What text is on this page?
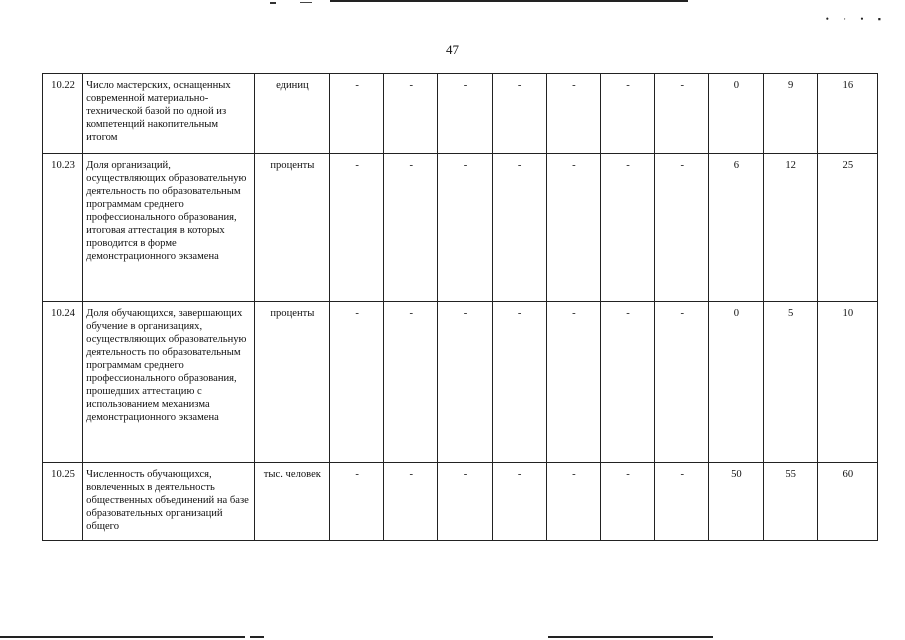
• · • ▪
47
10.22	Число мастерских, оснащенных современной материально-технической базой по одной из компетенций накопительным итогом	единиц	-	-	-	-	-	-	-	0	9	16
10.23	Доля организаций, осуществляющих образовательную деятельность по образовательным программам среднего профессионального образования, итоговая аттестация в которых проводится в форме демонстрационного экзамена	проценты	-	-	-	-	-	-	-	6	12	25
10.24	Доля обучающихся, завершающих обучение в организациях, осуществляющих образовательную деятельность по образовательным программам среднего профессионального образования, прошедших аттестацию с использованием механизма демонстрационного экзамена	проценты	-	-	-	-	-	-	-	0	5	10
10.25	Численность обучающихся, вовлеченных в деятельность общественных объединений на базе образовательных организаций общего	тыс. человек	-	-	-	-	-	-	-	50	55	60
